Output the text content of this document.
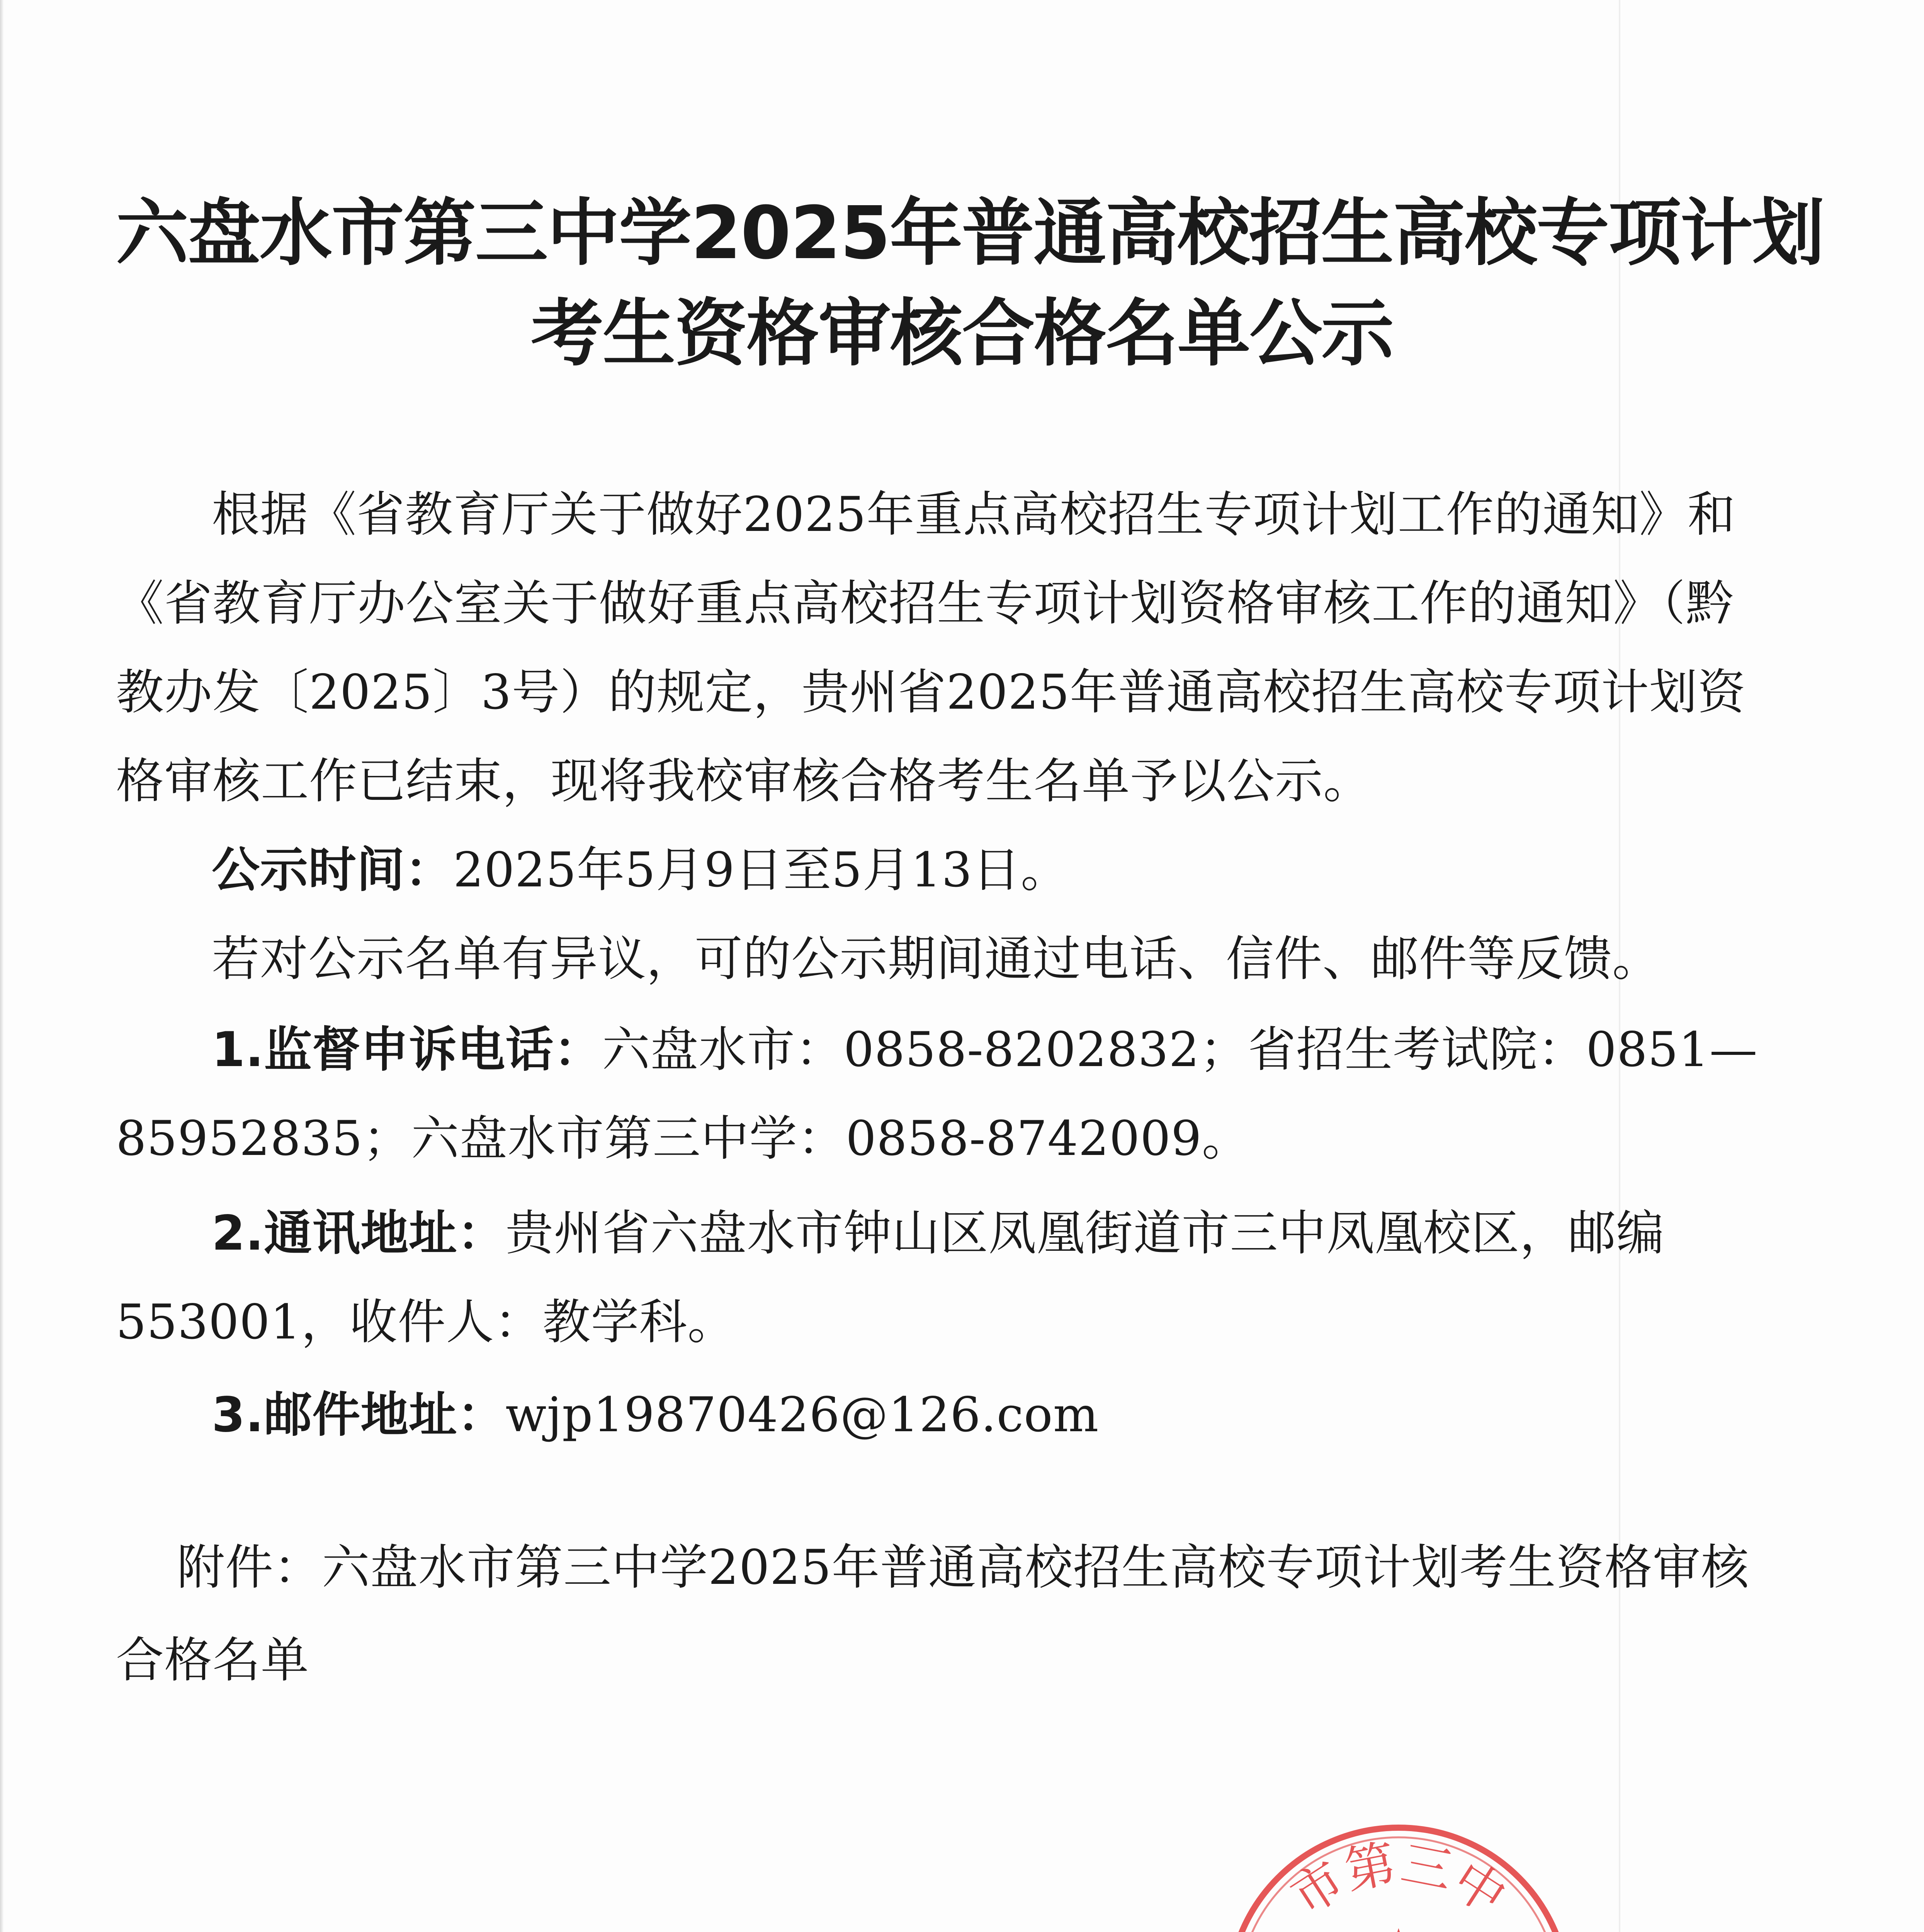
六盘水市第三中学2025年普通高校招生高校专项计划
考生资格审核合格名单公示
根据《省教育厅关于做好2025年重点高校招生专项计划工作的通知》和
《省教育厅办公室关于做好重点高校招生专项计划资格审核工作的通知》（黔
教办发〔2025〕3号）的规定，贵州省2025年普通高校招生高校专项计划资
格审核工作已结束，现将我校审核合格考生名单予以公示。
公示时间：2025年5月9日至5月13日。
若对公示名单有异议，可的公示期间通过电话、信件、邮件等反馈。
1.监督申诉电话：六盘水市：0858-8202832；省招生考试院：0851—
85952835；六盘水市第三中学：0858-8742009。
2.通讯地址：贵州省六盘水市钟山区凤凰街道市三中凤凰校区，邮编
553001，收件人：教学科。
3.邮件地址：wjp19870426@126.com
附件：六盘水市第三中学2025年普通高校招生高校专项计划考生资格审核
合格名单
市第三中
